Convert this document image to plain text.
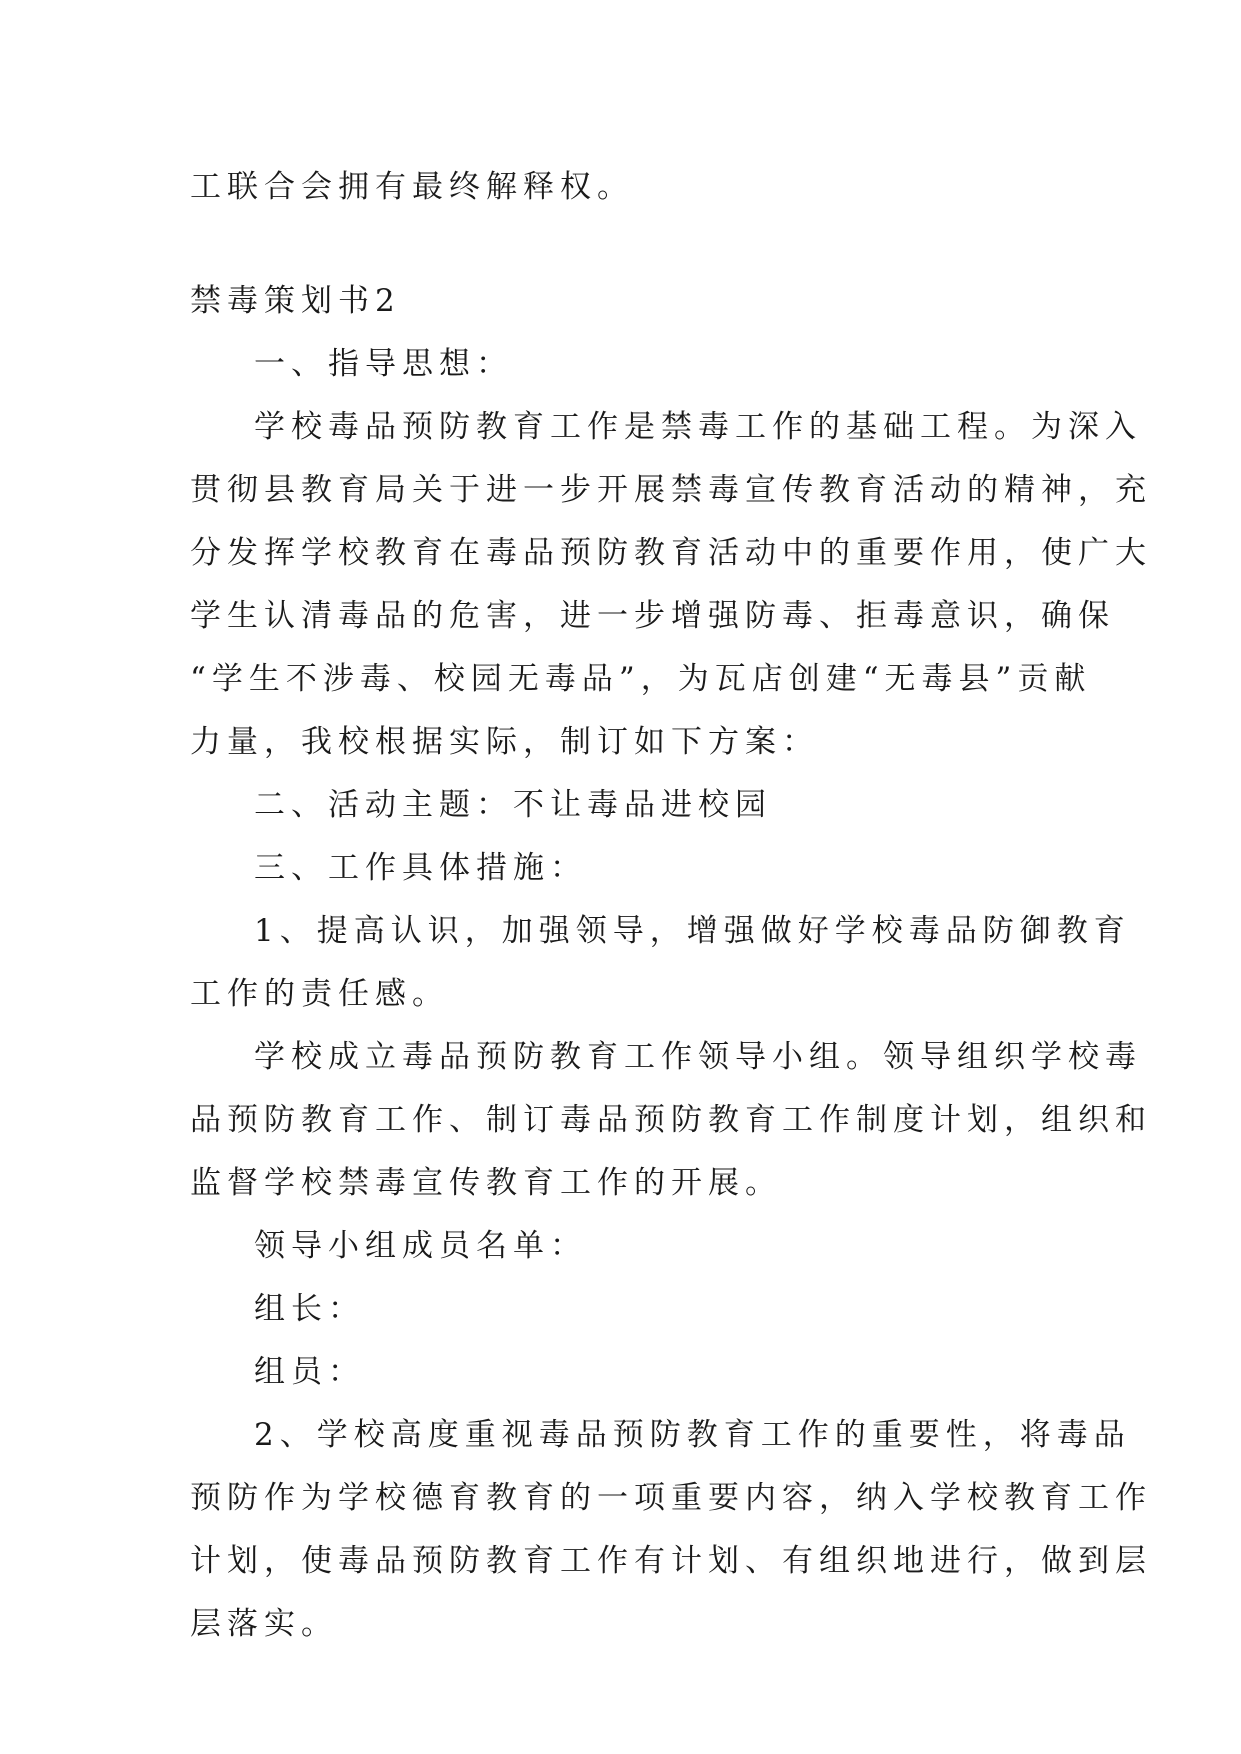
工联合会拥有最终解释权。
禁毒策划书2
一、指导思想：
学校毒品预防教育工作是禁毒工作的基础工程。为深入
贯彻县教育局关于进一步开展禁毒宣传教育活动的精神，充
分发挥学校教育在毒品预防教育活动中的重要作用，使广大
学生认清毒品的危害，进一步增强防毒、拒毒意识，确保
“学生不涉毒、校园无毒品”，为瓦店创建“无毒县”贡献
力量，我校根据实际，制订如下方案：
二、活动主题：不让毒品进校园
三、工作具体措施：
1、提高认识，加强领导，增强做好学校毒品防御教育
工作的责任感。
学校成立毒品预防教育工作领导小组。领导组织学校毒
品预防教育工作、制订毒品预防教育工作制度计划，组织和
监督学校禁毒宣传教育工作的开展。
领导小组成员名单：
组长：
组员：
2、学校高度重视毒品预防教育工作的重要性，将毒品
预防作为学校德育教育的一项重要内容，纳入学校教育工作
计划，使毒品预防教育工作有计划、有组织地进行，做到层
层落实。
